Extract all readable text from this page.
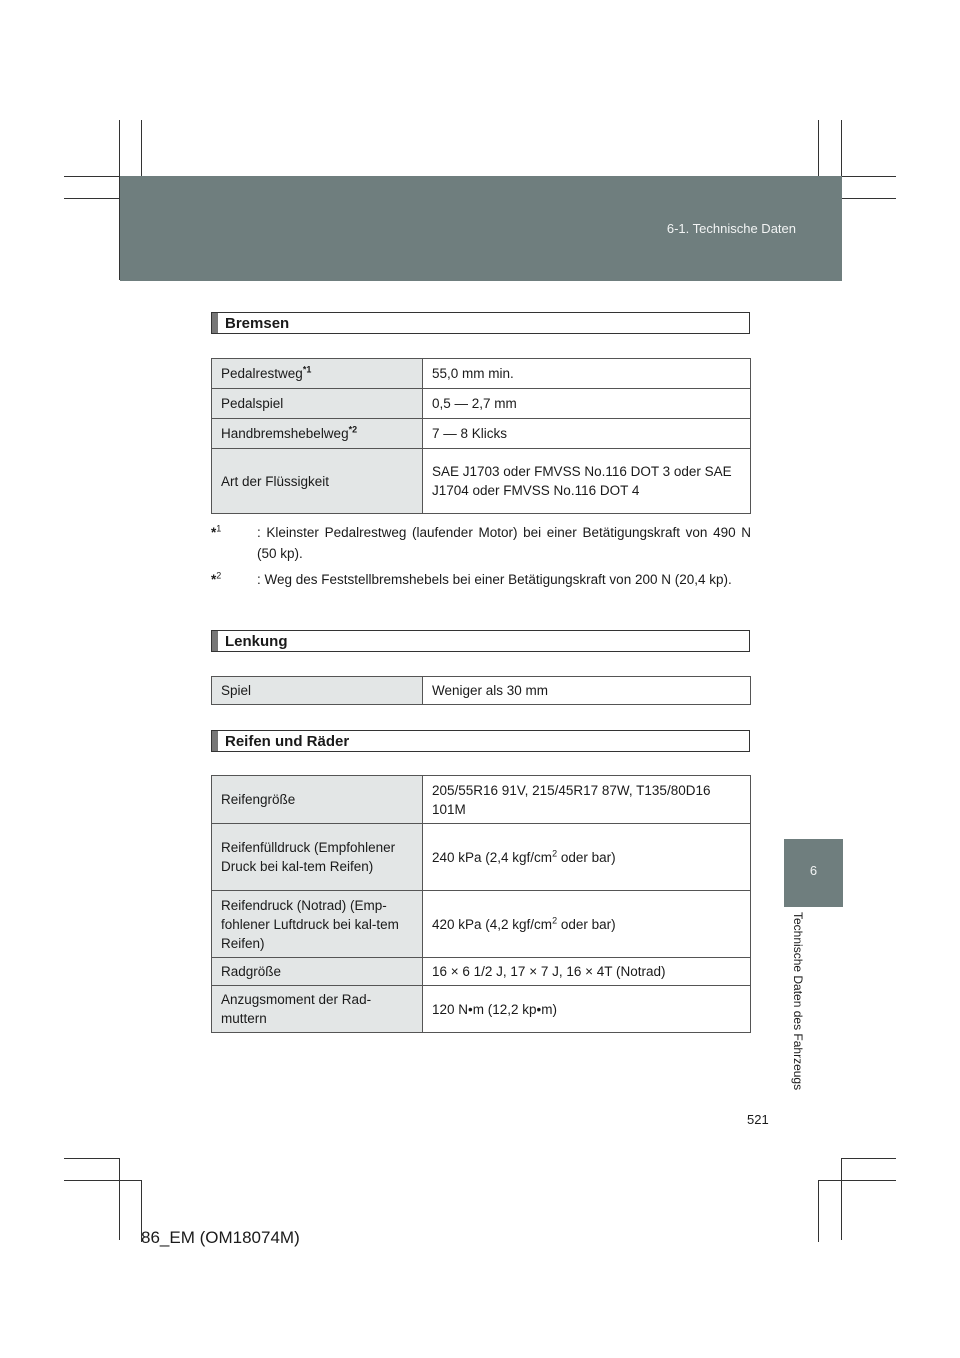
6-1. Technische Daten
6
Technische Daten des Fahrzeugs
Bremsen
Pedalrestweg$^{*1}$	55,0 mm min.
Pedalspiel	0,5 — 2,7 mm
Handbremshebelweg$^{*2}$	7 — 8 Klicks
Art der Flüssigkeit	SAE J1703 oder FMVSS No.116 DOT 3 oder SAE J1704 oder FMVSS No.116 DOT 4
*$^1$	: Kleinster Pedalrestweg (laufender Motor) bei einer Betätigungskraft von 490 N (50 kp).
*$^2$	: Weg des Feststellbremshebels bei einer Betätigungskraft von 200 N (20,4 kp).
Lenkung
Spiel	Weniger als 30 mm
Reifen und Räder
Reifengröße	205/55R16 91V, 215/45R17 87W, T135/80D16 101M
Reifenfülldruck (Empfohlener Druck bei kal-tem Reifen)	240 kPa (2,4 kgf/$cm^2$ oder bar)
Reifendruck (Notrad) (Emp-fohlener Luftdruck bei kal-tem Reifen)	420 kPa (4,2 kgf/$cm^2$ oder bar)
Radgröße	16 × 6 1/2 J, 17 × 7 J, 16 × 4T (Notrad)
Anzugsmoment der Rad-muttern	120 N•m (12,2 kp•m)
521
86_EM (OM18074M)
